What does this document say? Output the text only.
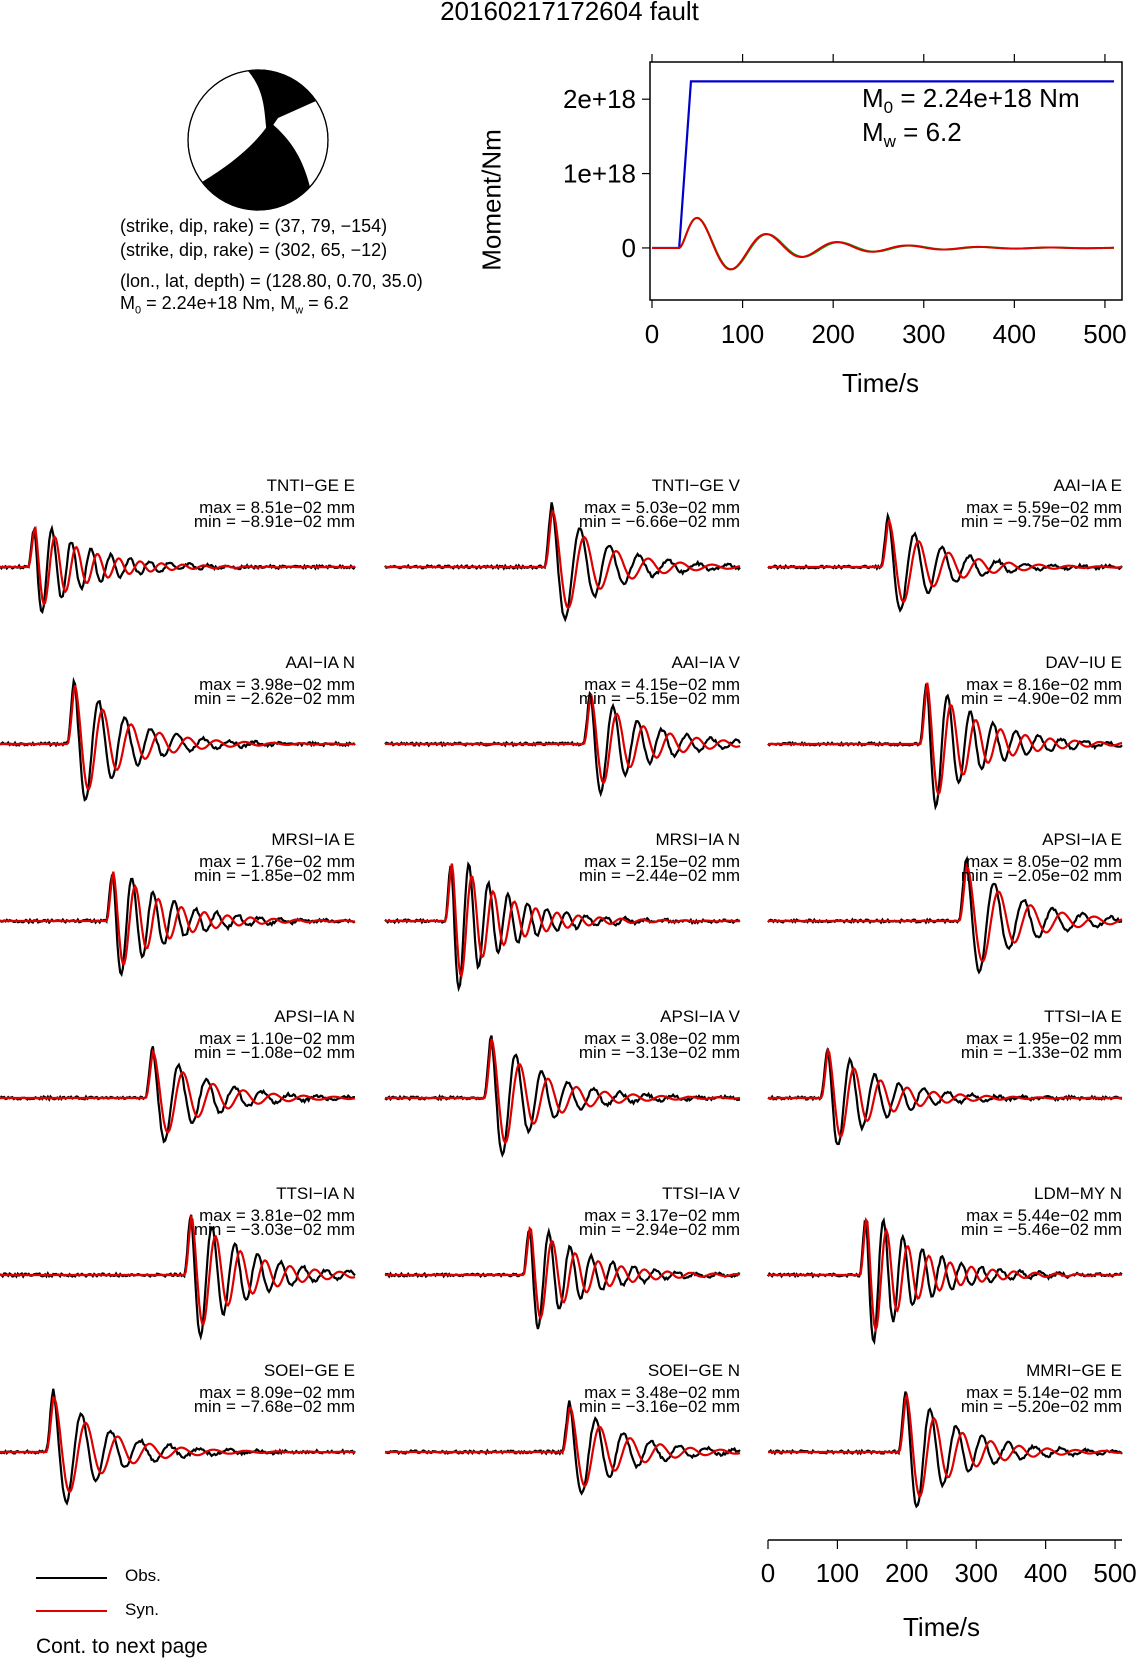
20160217172604 fault
(strike, dip, rake) = (37, 79, −154)
(strike, dip, rake) = (302, 65, −12)
(lon., lat, depth) = (128.80, 0.70, 35.0)
$M_0 = 2.24e+18$ Nm, $M_w = 6.2$
0 100 200 300 400 500
0
1e+18
2e+18	$M_0 = 2.24e+18$ Nm
$M_w = 6.2$
Time/s
Moment/Nm
0 100 200 300 400 500
TNTI−GE E
max = 8.51e−02 mm
min = −8.91e−02 mm
TNTI−GE V
max = 5.03e−02 mm
min = −6.66e−02 mm
AAI−IA E
max = 5.59e−02 mm
min = −9.75e−02 mm
AAI−IA N
max = 3.98e−02 mm
min = −2.62e−02 mm
AAI−IA V
max = 4.15e−02 mm
min = −5.15e−02 mm
DAV−IU E
max = 8.16e−02 mm
min = −4.90e−02 mm
MRSI−IA E
max = 1.76e−02 mm
min = −1.85e−02 mm
MRSI−IA N
max = 2.15e−02 mm
min = −2.44e−02 mm
APSI−IA E
max = 8.05e−02 mm
min = −2.05e−02 mm
APSI−IA N
max = 1.10e−02 mm
min = −1.08e−02 mm
APSI−IA V
max = 3.08e−02 mm
min = −3.13e−02 mm
TTSI−IA E
max = 1.95e−02 mm
min = −1.33e−02 mm
TTSI−IA N
max = 3.81e−02 mm
min = −3.03e−02 mm
TTSI−IA V
max = 3.17e−02 mm
min = −2.94e−02 mm
LDM−MY N
max = 5.44e−02 mm
min = −5.46e−02 mm
SOEI−GE E
max = 8.09e−02 mm
min = −7.68e−02 mm
SOEI−GE N
max = 3.48e−02 mm
min = −3.16e−02 mm
MMRI−GE E
max = 5.14e−02 mm
min = −5.20e−02 mm
Obs.
Syn.
Time/s
Cont. to next page
